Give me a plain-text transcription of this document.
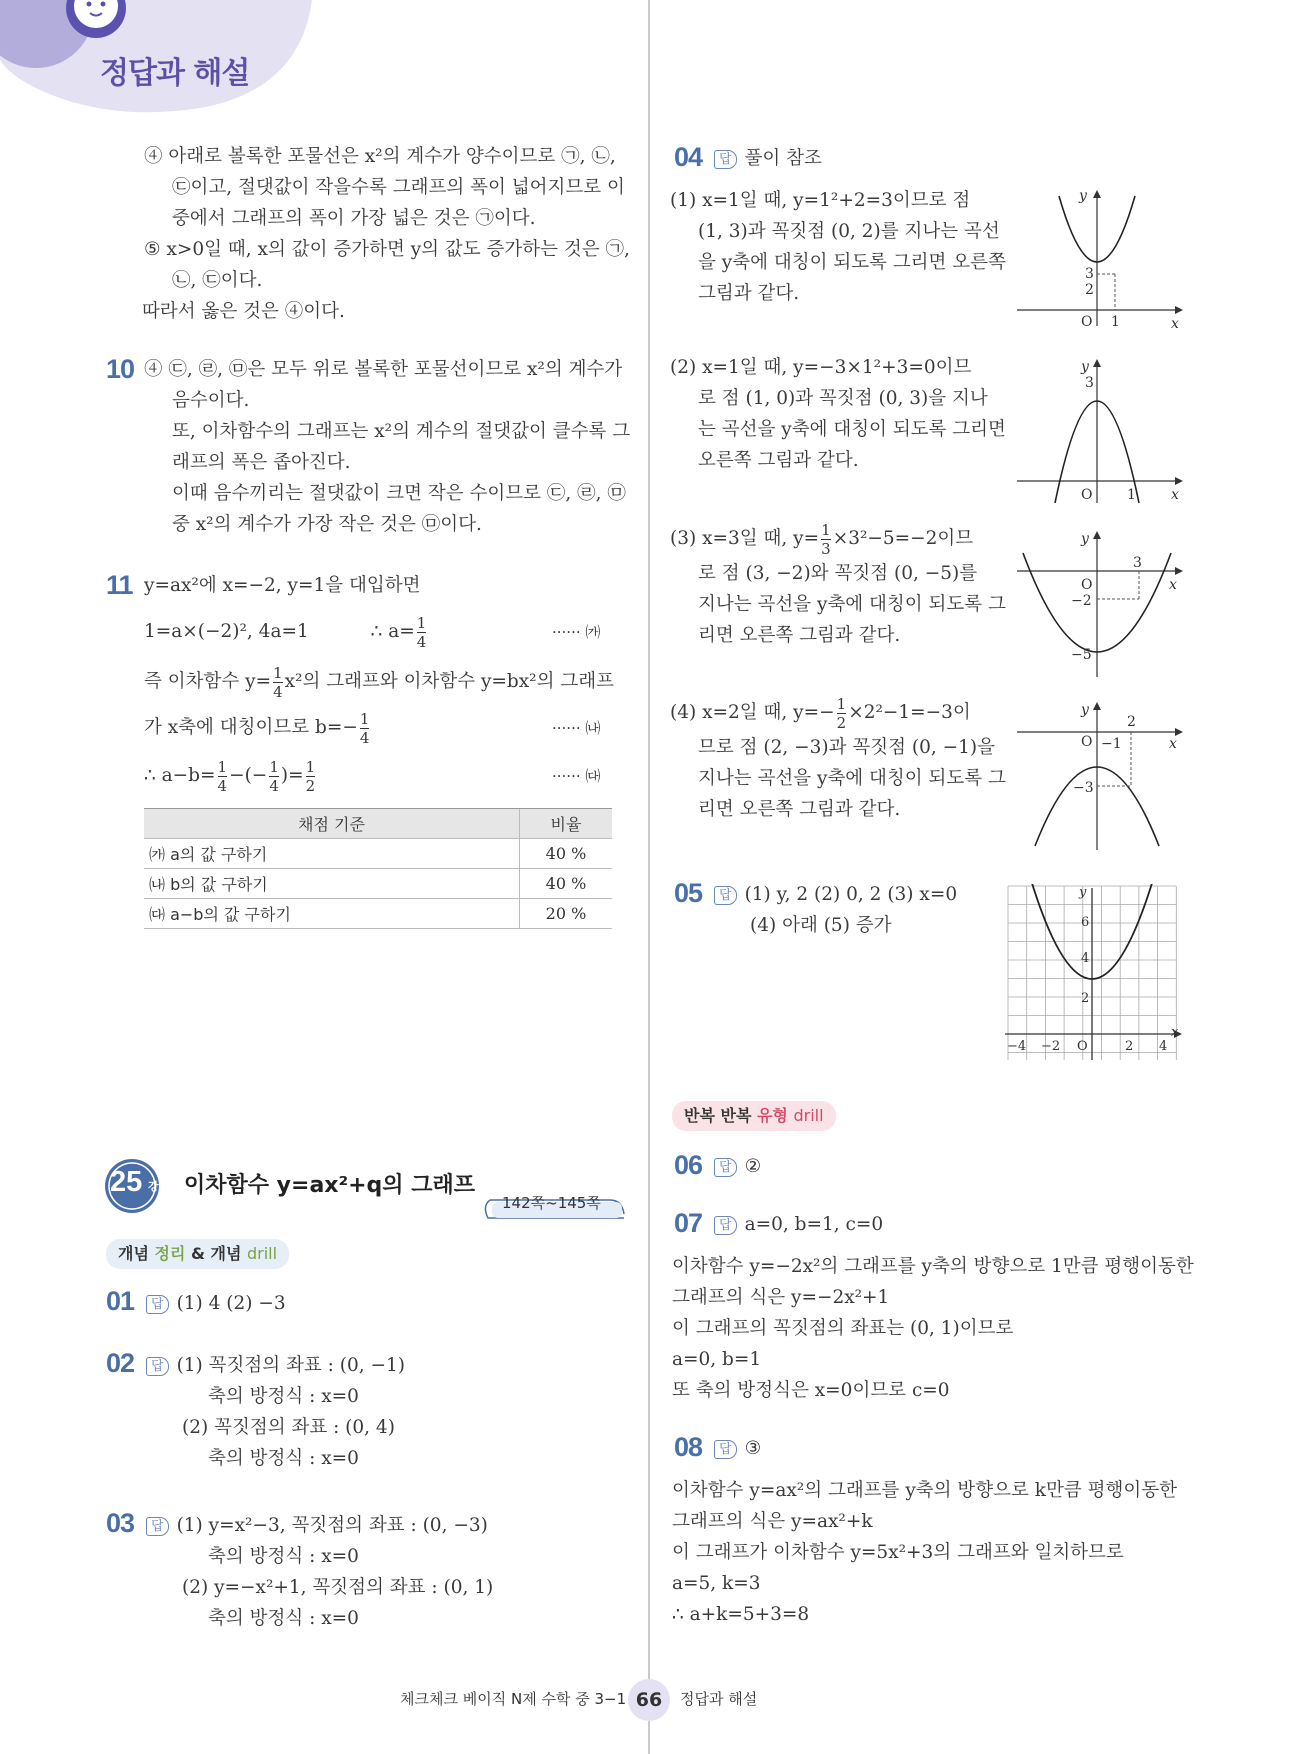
정답과 해설
④ 아래로 볼록한 포물선은 x²의 계수가 양수이므로 ㉠, ㉡,
㉢이고, 절댓값이 작을수록 그래프의 폭이 넓어지므로 이
중에서 그래프의 폭이 가장 넓은 것은 ㉠이다.
⑤ x>0일 때, x의 값이 증가하면 y의 값도 증가하는 것은 ㉠,
㉡, ㉢이다.
따라서 옳은 것은 ④이다.
10 ④ ㉢, ㉣, ㉤은 모두 위로 볼록한 포물선이므로 x²의 계수가
음수이다.
또, 이차함수의 그래프는 x²의 계수의 절댓값이 클수록 그
래프의 폭은 좁아진다.
이때 음수끼리는 절댓값이 크면 작은 수이므로 ㉢, ㉣, ㉤
중 x²의 계수가 가장 작은 것은 ㉤이다.
11 y=ax²에 x=−2, y=1을 대입하면
1=a×(−2)², 4a=1	∴ $a= \frac{1}{4}$	······ ㈎
즉 이차함수 $y= \frac{1}{4} x^2$의 그래프와 이차함수 y=bx²의 그래프
가 x축에 대칭이므로 $b=- \frac{1}{4}$	······ ㈏
∴ $a-b= \frac{1}{4}$ −(− $\frac{1}{4}$ )= $\frac{1}{2}$	······ ㈐
채점 기준	비율
㈎ a의 값 구하기	40 %
㈏ b의 값 구하기	40 %
㈐ a−b의 값 구하기	20 %
25 강 이차함수 y=ax²+q의 그래프
142쪽~145쪽
개념 정리 & 개념 drill
01	답 (1) 4 (2) −3
02	답 (1) 꼭짓점의 좌표 : (0, −1)
축의 방정식 : x=0
(2) 꼭짓점의 좌표 : (0, 4)
축의 방정식 : x=0
03	답 (1) y=x²−3, 꼭짓점의 좌표 : (0, −3)
축의 방정식 : x=0
(2) y=−x²+1, 꼭짓점의 좌표 : (0, 1)
축의 방정식 : x=0
04	답 풀이 참조
(1) x=1일 때, y=1²+2=3이므로 점
(1, 3)과 꼭짓점 (0, 2)를 지나는 곡선
을 y축에 대칭이 되도록 그리면 오른쪽
그림과 같다.
(2) x=1일 때, y=−3×1²+3=0이므
로 점 (1, 0)과 꼭짓점 (0, 3)을 지나
는 곡선을 y축에 대칭이 되도록 그리면
오른쪽 그림과 같다.
(3) x=3일 때, $y= \frac{1}{3} \times 3^2-5=-2$이므
로 점 (3, −2)와 꼭짓점 (0, −5)를
지나는 곡선을 y축에 대칭이 되도록 그
리면 오른쪽 그림과 같다.
(4) x=2일 때, $y=- \frac{1}{2} \times 2^2-1=-3$이
므로 점 (2, −3)과 꼭짓점 (0, −1)을
지나는 곡선을 y축에 대칭이 되도록 그
리면 오른쪽 그림과 같다.
y
x
O
3
2
1
y
x
O
3
1
y
x
O
3
−2
−5
y
x
O
2
−1
−3
05	답 (1) y, 2 (2) 0, 2 (3) x=0
(4) 아래 (5) 증가
y
x
O
6
4
2
−4 −2	2 4
반복 반복 유형 drill
06	답 ②
07	답 a=0, b=1, c=0
이차함수 y=−2x²의 그래프를 y축의 방향으로 1만큼 평행이동한
그래프의 식은 y=−2x²+1
이 그래프의 꼭짓점의 좌표는 (0, 1)이므로
a=0, b=1
또 축의 방정식은 x=0이므로 c=0
08	답 ③
이차함수 y=ax²의 그래프를 y축의 방향으로 k만큼 평행이동한
그래프의 식은 y=ax²+k
이 그래프가 이차함수 y=5x²+3의 그래프와 일치하므로
a=5, k=3
∴ a+k=5+3=8
체크체크 베이직 N제 수학 중 3−1 66	정답과 해설
